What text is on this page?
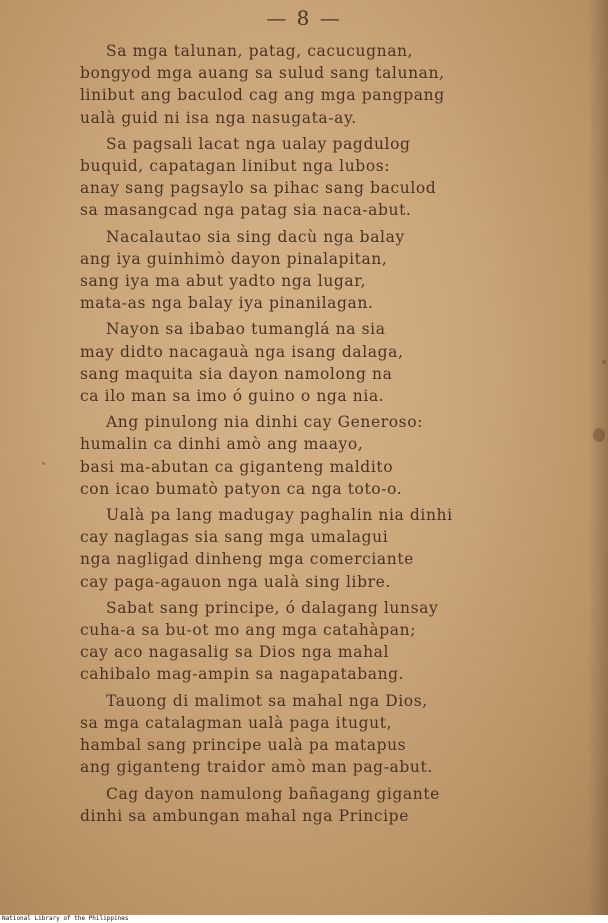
— 8 —
Sa mga talunan, patag, cacucugnan,
bongyod mga auang sa sulud sang talunan,
linibut ang baculod cag ang mga pangpang
ualà guid ni isa nga nasugata-ay.
Sa pagsali lacat nga ualay pagdulog
buquid, capatagan linibut nga lubos:
anay sang pagsaylo sa pihac sang baculod
sa masangcad nga patag sia naca-abut.
Nacalautao sia sing dacù nga balay
ang iya guinhimò dayon pinalapitan,
sang iya ma abut yadto nga lugar,
mata-as nga balay iya pinanilagan.
Nayon sa ibabao tumanglá na sia
may didto nacagauà nga isang dalaga,
sang maquita sia dayon namolong na
ca ilo man sa imo ó guino o nga nia.
Ang pinulong nia dinhi cay Generoso:
humalin ca dinhi amò ang maayo,
basi ma-abutan ca giganteng maldito
con icao bumatò patyon ca nga toto-o.
Ualà pa lang madugay paghalin nia dinhi
cay naglagas sia sang mga umalagui
nga nagligad dinheng mga comerciante
cay paga-agauon nga ualà sing libre.
Sabat sang principe, ó dalagang lunsay
cuha-a sa bu-ot mo ang mga catahàpan;
cay aco nagasalig sa Dios nga mahal
cahibalo mag-ampin sa nagapatabang.
Tauong di malimot sa mahal nga Dios,
sa mga catalagman ualà paga itugut,
hambal sang principe ualà pa matapus
ang giganteng traidor amò man pag-abut.
Cag dayon namulong bañagang gigante
dinhi sa ambungan mahal nga Principe
National Library of the Philippines
